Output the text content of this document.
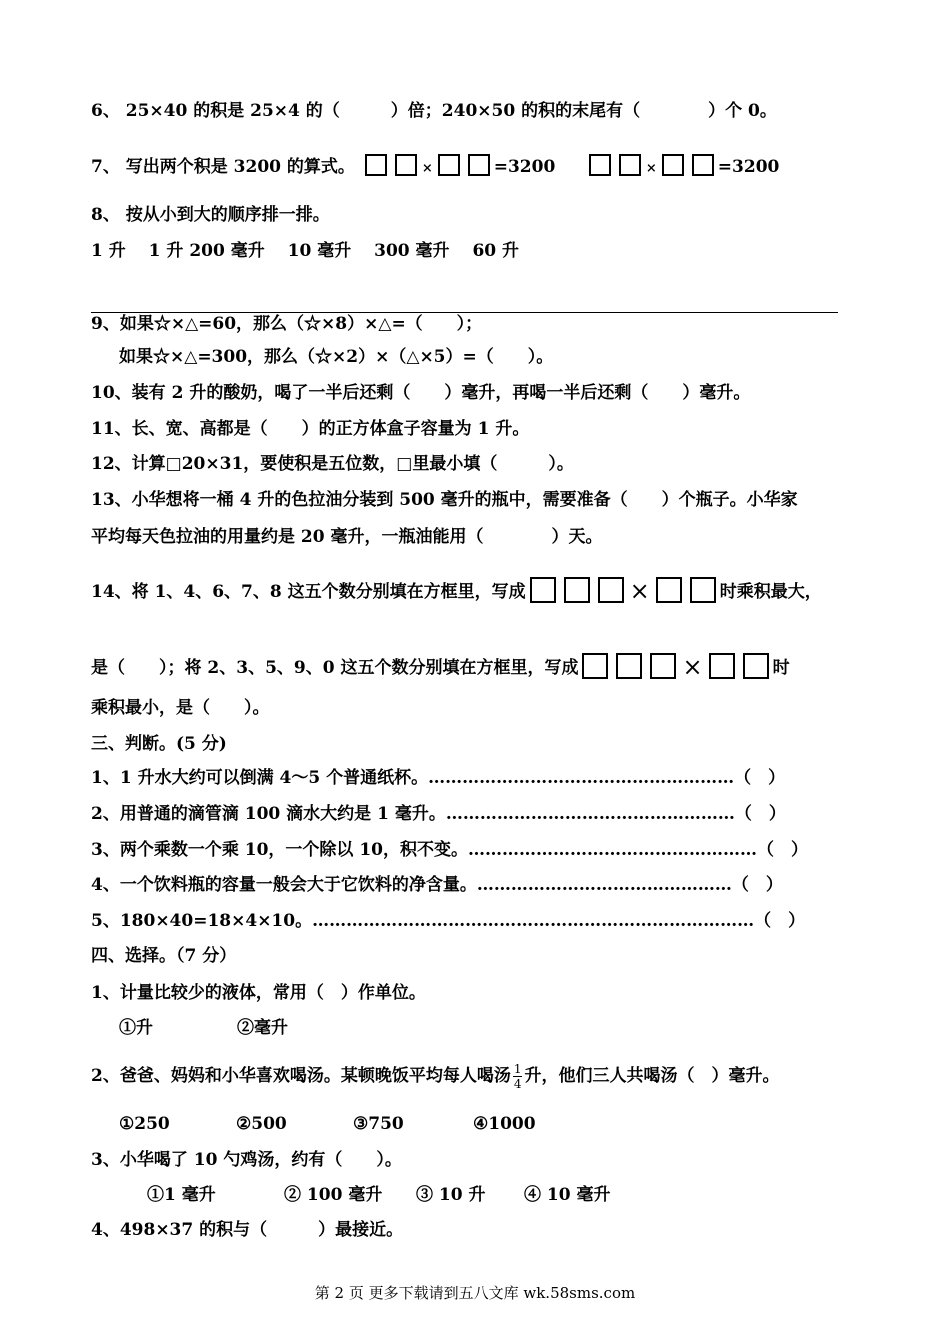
6、 25×40 的积是 25×4 的（　　　）倍；240×50 的积的末尾有（　　　　）个 0。
7、 写出两个积是 3200 的算式。	×	=3200	×	=3200
8、 按从小到大的顺序排一排。
1 升　 1 升 200 毫升　 10 毫升　 300 毫升　 60 升
9、如果☆×△=60，那么（☆×8）×△=（　　）；
如果☆×△=300，那么（☆×2）×（△×5）=（　　）。
10、装有 2 升的酸奶，喝了一半后还剩（　　）毫升，再喝一半后还剩（　　）毫升。
11、长、宽、高都是（　　）的正方体盒子容量为 1 升。
12、计算□20×31，要使积是五位数，□里最小填（　　　）。
13、小华想将一桶 4 升的色拉油分装到 500 毫升的瓶中，需要准备（　　）个瓶子。小华家
平均每天色拉油的用量约是 20 毫升，一瓶油能用（　　　　）天。
14、将 1、4、6、7、8 这五个数分别填在方框里，写成	×	时乘积最大，
是（　　）；将 2、3、5、9、0 这五个数分别填在方框里，写成	×	时
乘积最小，是（　　）。
三、判断。(5 分)
1、1 升水大约可以倒满 4～5 个普通纸杯。………………………………………………（　）
2、用普通的滴管滴 100 滴水大约是 1 毫升。……………………………………………（　）
3、两个乘数一个乘 10，一个除以 10，积不变。……………………………………………（　）
4、一个饮料瓶的容量一般会大于它饮料的净含量。………………………………………（　）
5、180×40=18×4×10。……………………………………………………………………（　）
四、选择。（7 分）
1、计量比较少的液体，常用（　）作单位。
①升	②毫升
2、爸爸、妈妈和小华喜欢喝汤。某顿晚饭平均每人喝汤 $\frac{1}{4}$ 升，他们三人共喝汤（　）毫升。
①250	②500	③750	④1000
3、小华喝了 10 勺鸡汤，约有（　　）。
①1 毫升	② 100 毫升 ③ 10 升 ④ 10 毫升
4、498×37 的积与（　　　）最接近。
第 2 页 更多下载请到五八文库 wk.58sms.com
